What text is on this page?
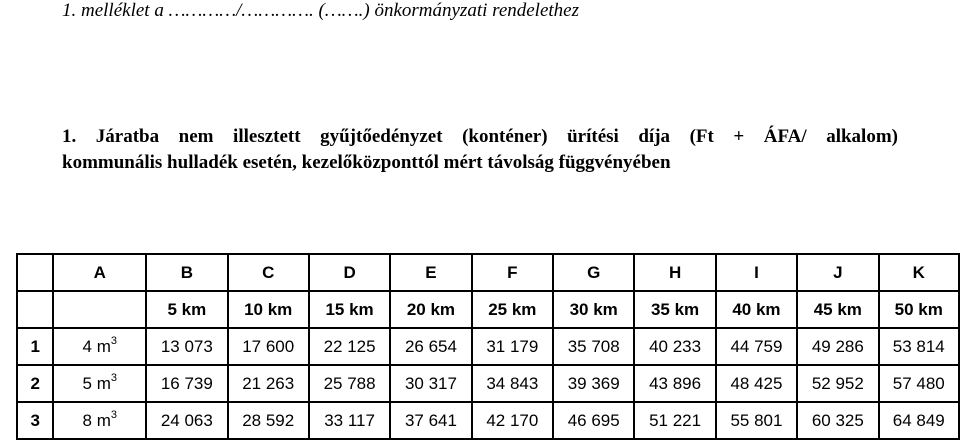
1. melléklet a …………/…………. (…….) önkormányzati rendelethez
1. Járatba nem illesztett gyűjtőedényzet (konténer) ürítési díja (Ft + ÁFA/ alkalom)
kommunális hulladék esetén, kezelőközponttól mért távolság függvényében
	A	B	C	D	E	F	G	H	I	J	K
		5 km	10 km	15 km	20 km	25 km	30 km	35 km	40 km	45 km	50 km
1	4 $m^3$	13 073	17 600	22 125	26 654	31 179	35 708	40 233	44 759	49 286	53 814
2	5 $m^3$	16 739	21 263	25 788	30 317	34 843	39 369	43 896	48 425	52 952	57 480
3	8 $m^3$	24 063	28 592	33 117	37 641	42 170	46 695	51 221	55 801	60 325	64 849
